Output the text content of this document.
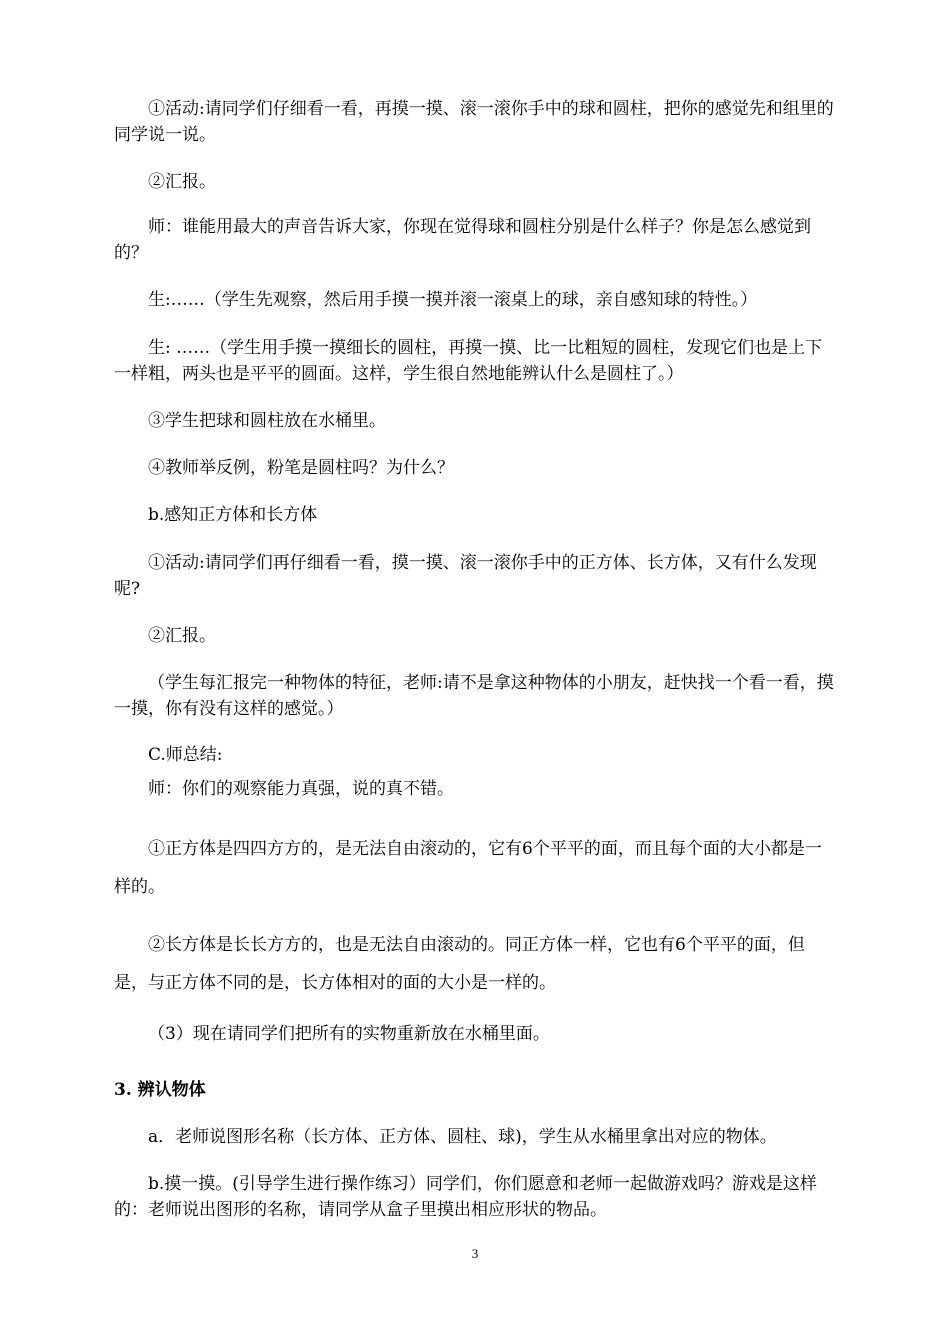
①活动:请同学们仔细看一看，再摸一摸、滚一滚你手中的球和圆柱，把你的感觉先和组里的同学说一说。
②汇报。
师：谁能用最大的声音告诉大家，你现在觉得球和圆柱分别是什么样子？你是怎么感觉到的？
生:……（学生先观察，然后用手摸一摸并滚一滚桌上的球，亲自感知球的特性。）
生: ……（学生用手摸一摸细长的圆柱，再摸一摸、比一比粗短的圆柱，发现它们也是上下一样粗，两头也是平平的圆面。这样，学生很自然地能辨认什么是圆柱了。）
③学生把球和圆柱放在水桶里。
④教师举反例，粉笔是圆柱吗？为什么？
b.感知正方体和长方体
①活动:请同学们再仔细看一看，摸一摸、滚一滚你手中的正方体、长方体，又有什么发现呢?
②汇报。
（学生每汇报完一种物体的特征，老师:请不是拿这种物体的小朋友，赶快找一个看一看，摸一摸，你有没有这样的感觉。）
C.师总结:
师：你们的观察能力真强，说的真不错。
①正方体是四四方方的，是无法自由滚动的，它有6个平平的面，而且每个面的大小都是一样的。
②长方体是长长方方的，也是无法自由滚动的。同正方体一样，它也有6个平平的面，但是，与正方体不同的是，长方体相对的面的大小是一样的。
（3）现在请同学们把所有的实物重新放在水桶里面。
3. 辨认物体
a．老师说图形名称（长方体、正方体、圆柱、球)，学生从水桶里拿出对应的物体。
b.摸一摸。(引导学生进行操作练习）同学们，你们愿意和老师一起做游戏吗？游戏是这样的：老师说出图形的名称，请同学从盒子里摸出相应形状的物品。
3
